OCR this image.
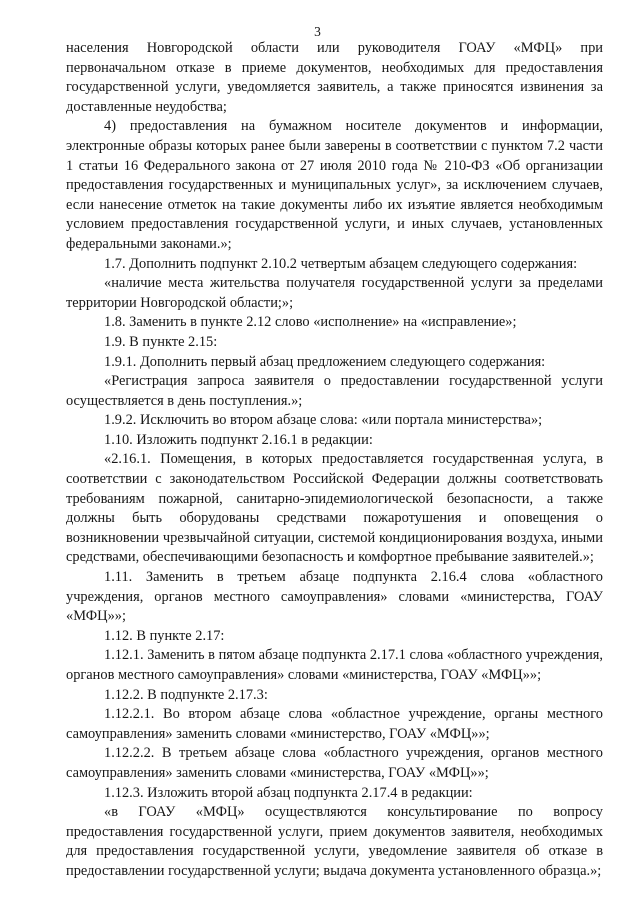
3

населения Новгородской области или руководителя ГОАУ «МФЦ» при первоначальном отказе в приеме документов, необходимых для предоставления государственной услуги, уведомляется заявитель, а также приносятся извинения за доставленные неудобства;

4) предоставления на бумажном носителе документов и информации, электронные образы которых ранее были заверены в соответствии с пунктом 7.2 части 1 статьи 16 Федерального закона от 27 июля 2010 года № 210-ФЗ «Об организации предоставления государственных и муниципальных услуг», за исключением случаев, если нанесение отметок на такие документы либо их изъятие является необходимым условием предоставления государственной услуги, и иных случаев, установленных федеральными законами.»;

1.7. Дополнить подпункт 2.10.2 четвертым абзацем следующего содержания:

«наличие места жительства получателя государственной услуги за пределами территории Новгородской области;»;

1.8. Заменить в пункте 2.12 слово «исполнение» на «исправление»;

1.9. В пункте 2.15:

1.9.1. Дополнить первый абзац предложением следующего содержания:

«Регистрация запроса заявителя о предоставлении государственной услуги осуществляется в день поступления.»;

1.9.2. Исключить во втором абзаце слова: «или портала министерства»;

1.10. Изложить подпункт 2.16.1 в редакции:

«2.16.1. Помещения, в которых предоставляется государственная услуга, в соответствии с законодательством Российской Федерации должны соответствовать требованиям пожарной, санитарно-эпидемиологической безопасности, а также должны быть оборудованы средствами пожаротушения и оповещения о возникновении чрезвычайной ситуации, системой кондиционирования воздуха, иными средствами, обеспечивающими безопасность и комфортное пребывание заявителей.»;

1.11. Заменить в третьем абзаце подпункта 2.16.4 слова «областного учреждения, органов местного самоуправления» словами «министерства, ГОАУ «МФЦ»»;

1.12. В пункте 2.17:

1.12.1. Заменить в пятом абзаце подпункта 2.17.1 слова «областного учреждения, органов местного самоуправления» словами «министерства, ГОАУ «МФЦ»»;

1.12.2. В подпункте 2.17.3:

1.12.2.1. Во втором абзаце слова «областное учреждение, органы местного самоуправления» заменить словами «министерство, ГОАУ «МФЦ»»;

1.12.2.2. В третьем абзаце слова «областного учреждения, органов местного самоуправления» заменить словами «министерства, ГОАУ «МФЦ»»;

1.12.3. Изложить второй абзац подпункта 2.17.4 в редакции:

«в ГОАУ «МФЦ» осуществляются консультирование по вопросу предоставления государственной услуги, прием документов заявителя, необходимых для предоставления государственной услуги, уведомление заявителя об отказе в предоставлении государственной услуги; выдача документа установленного образца.»;
